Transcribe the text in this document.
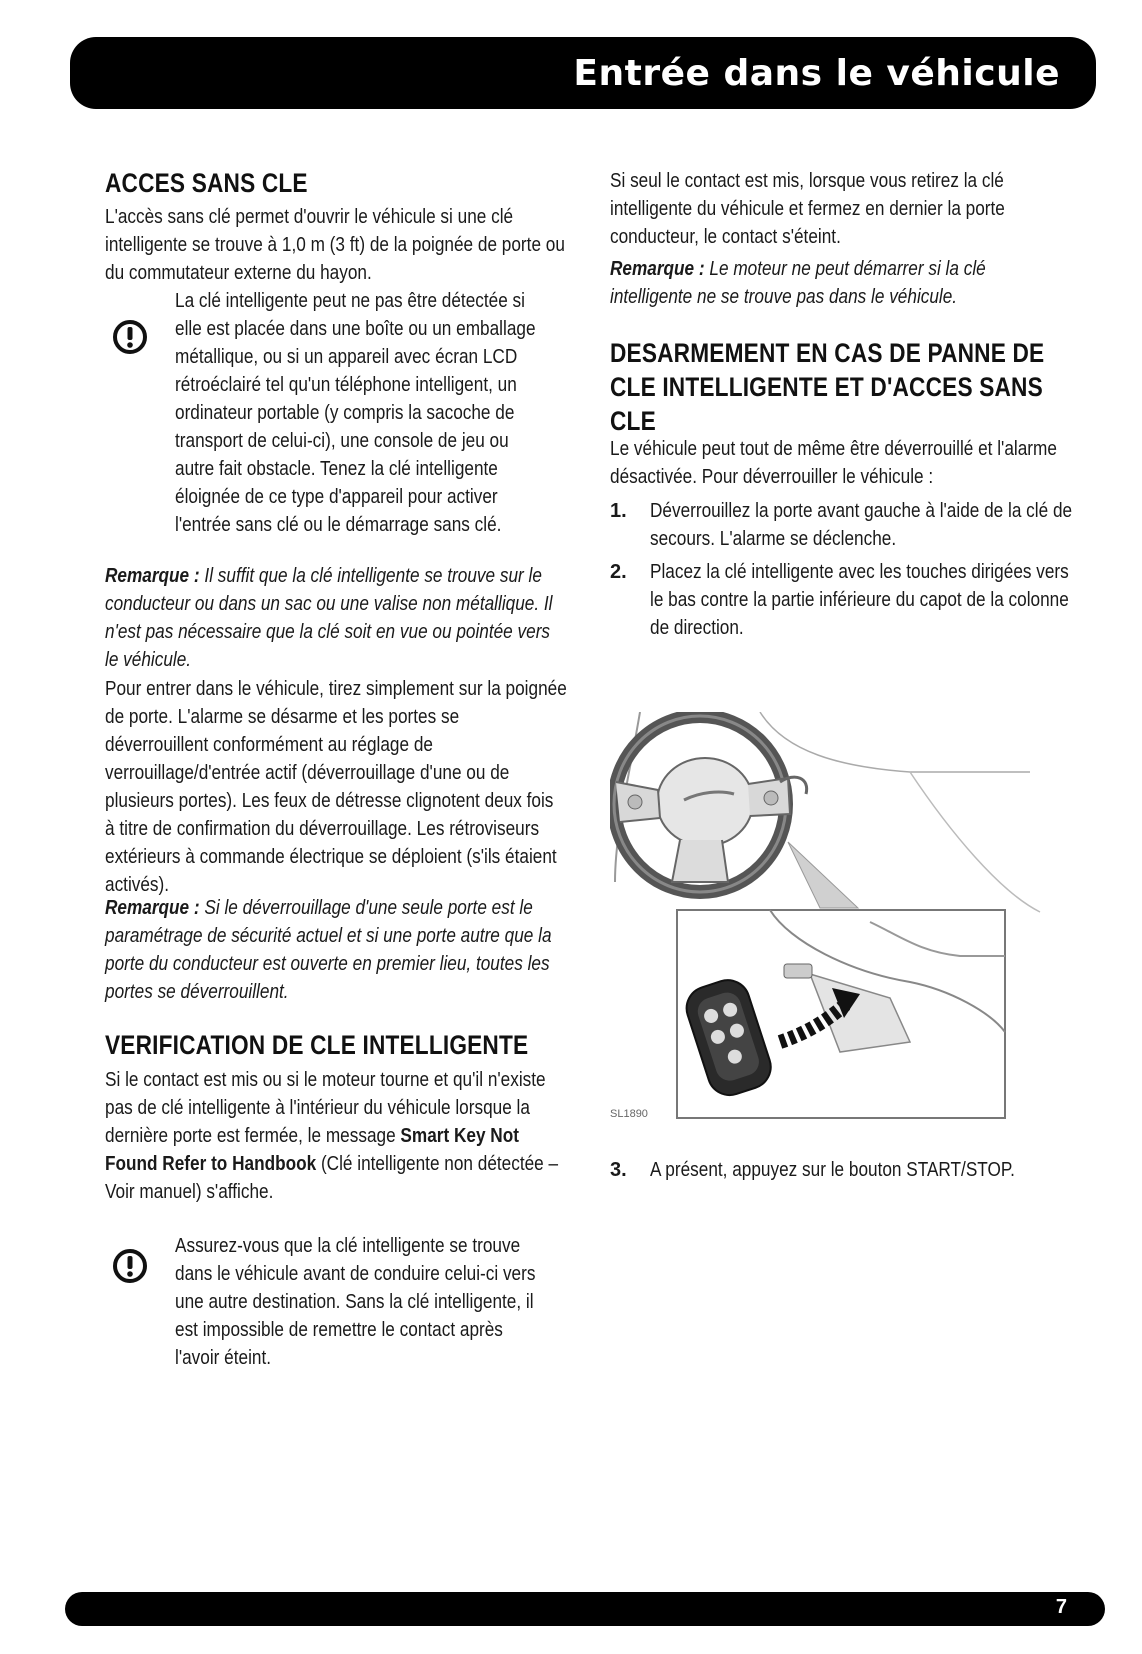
Entrée dans le véhicule
ACCES SANS CLE

L'accès sans clé permet d'ouvrir le véhicule si une clé intelligente se trouve à 1,0 m (3 ft) de la poignée de porte ou du commutateur externe du hayon.

La clé intelligente peut ne pas être détectée si elle est placée dans une boîte ou un emballage métallique, ou si un appareil avec écran LCD rétroéclairé tel qu'un téléphone intelligent, un ordinateur portable (y compris la sacoche de transport de celui-ci), une console de jeu ou autre fait obstacle. Tenez la clé intelligente éloignée de ce type d'appareil pour activer l'entrée sans clé ou le démarrage sans clé.

Remarque : Il suffit que la clé intelligente se trouve sur le conducteur ou dans un sac ou une valise non métallique. Il n'est pas nécessaire que la clé soit en vue ou pointée vers le véhicule.

Pour entrer dans le véhicule, tirez simplement sur la poignée de porte. L'alarme se désarme et les portes se déverrouillent conformément au réglage de verrouillage/d'entrée actif (déverrouillage d'une ou de plusieurs portes). Les feux de détresse clignotent deux fois à titre de confirmation du déverrouillage. Les rétroviseurs extérieurs à commande électrique se déploient (s'ils étaient activés).

Remarque : Si le déverrouillage d'une seule porte est le paramétrage de sécurité actuel et si une porte autre que la porte du conducteur est ouverte en premier lieu, toutes les portes se déverrouillent.

VERIFICATION DE CLE INTELLIGENTE

Si le contact est mis ou si le moteur tourne et qu'il n'existe pas de clé intelligente à l'intérieur du véhicule lorsque la dernière porte est fermée, le message Smart Key Not Found Refer to Handbook (Clé intelligente non détectée – Voir manuel) s'affiche.

Assurez-vous que la clé intelligente se trouve dans le véhicule avant de conduire celui-ci vers une autre destination. Sans la clé intelligente, il est impossible de remettre le contact après l'avoir éteint.

Si seul le contact est mis, lorsque vous retirez la clé intelligente du véhicule et fermez en dernier la porte conducteur, le contact s'éteint.

Remarque : Le moteur ne peut démarrer si la clé intelligente ne se trouve pas dans le véhicule.

DESARMEMENT EN CAS DE PANNE DE CLE INTELLIGENTE ET D'ACCES SANS CLE

Le véhicule peut tout de même être déverrouillé et l'alarme désactivée. Pour déverrouiller le véhicule :

1. Déverrouillez la porte avant gauche à l'aide de la clé de secours. L'alarme se déclenche.

2. Placez la clé intelligente avec les touches dirigées vers le bas contre la partie inférieure du capot de la colonne de direction.

3. A présent, appuyez sur le bouton START/STOP.

SL1890
7
